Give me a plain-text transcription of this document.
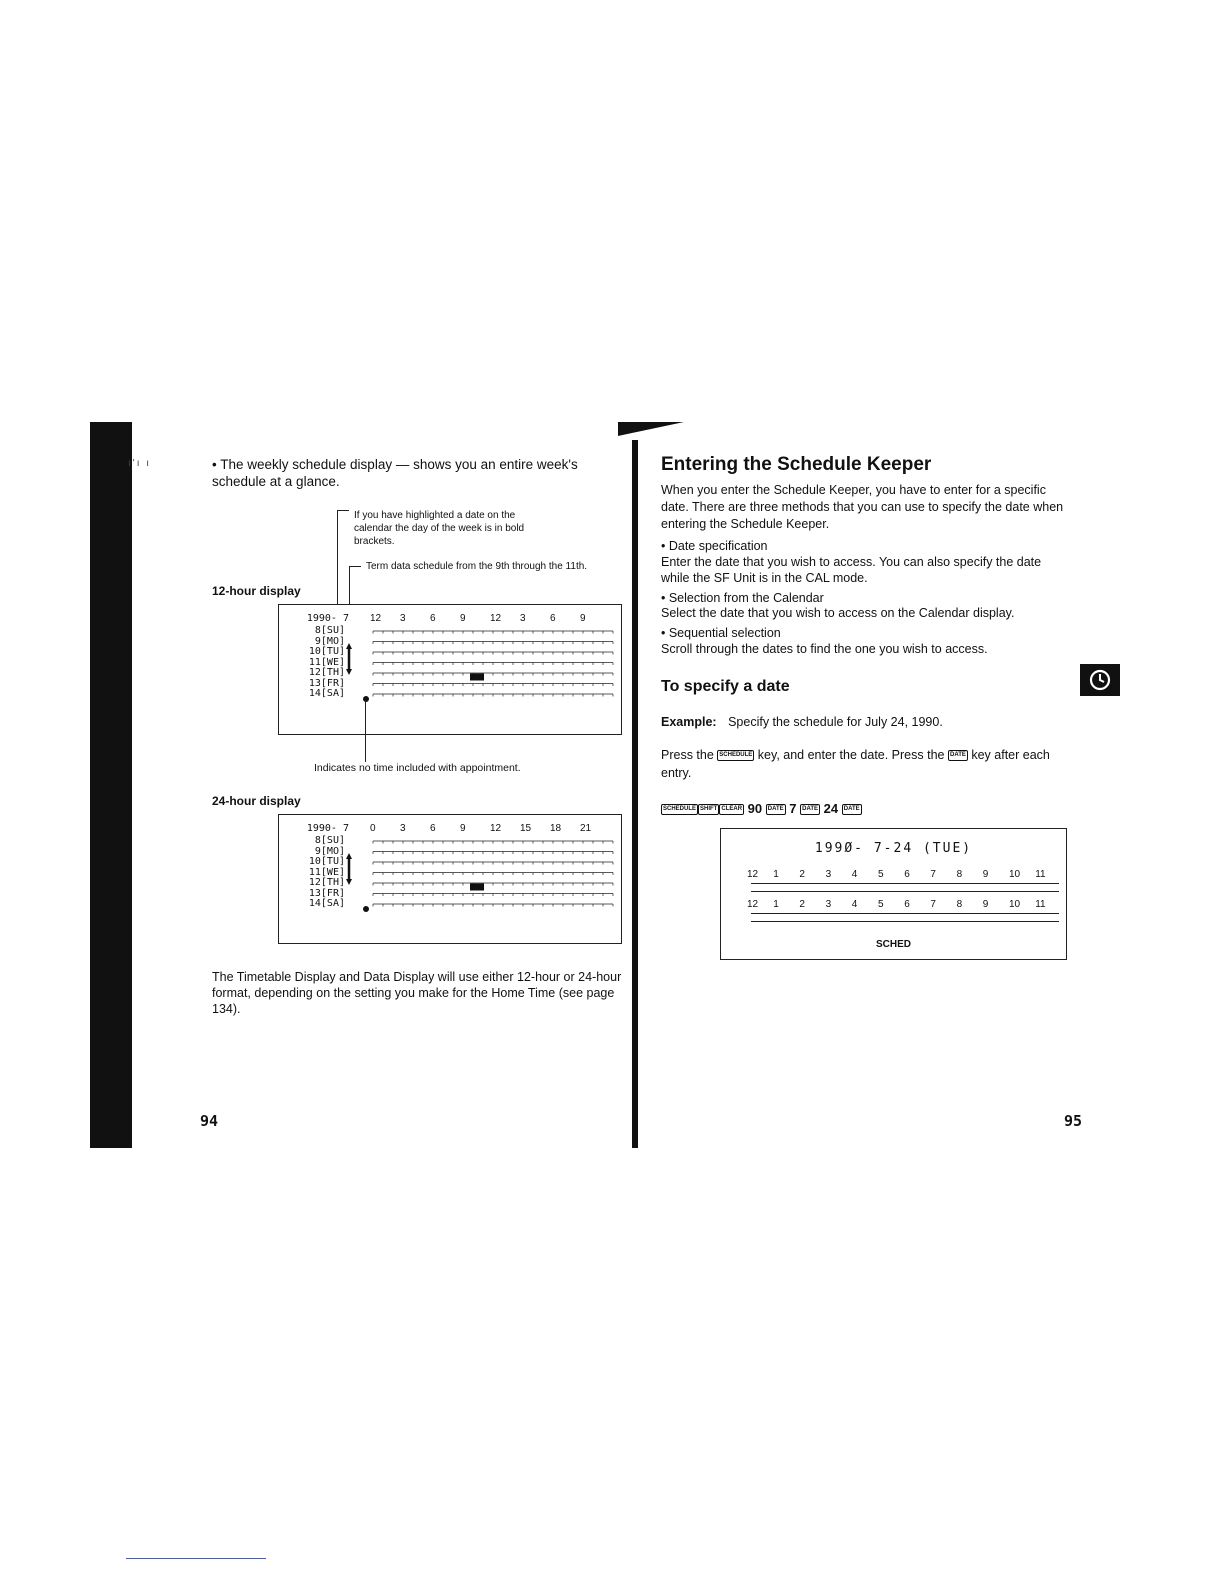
ı'ı ı	• The weekly schedule display — shows you an entire week's schedule at a glance.
If you have highlighted a date on the calendar the day of the week is in bold brackets.
Term data schedule from the 9th through the 11th.
12-hour display
1990- 7
8[SU]
9[MO]
10[TU]
11[WE]
12[TH]
13[FR]
14[SA]
12 3 6 9 12 3 6 9
Indicates no time included with appointment.
24-hour display
1990- 7
8[SU]
9[MO]
10[TU]
11[WE]
12[TH]
13[FR]
14[SA]
0 3 6 9 12 15 18 21
The Timetable Display and Data Display will use either 12-hour or 24-hour format, depending on the setting you make for the Home Time (see page 134).
94
Entering the Schedule Keeper
When you enter the Schedule Keeper, you have to enter for a specific date. There are three methods that you can use to specify the date when entering the Schedule Keeper.
• Date specification
Enter the date that you wish to access. You can also specify the date while the SF Unit is in the CAL mode.
• Selection from the Calendar
Select the date that you wish to access on the Calendar display.
• Sequential selection
Scroll through the dates to find the one you wish to access.
To specify a date
Example: Specify the schedule for July 24, 1990.
Press the SCHEDULE key, and enter the date. Press the DATE key after each entry.
SCHEDULE SHIFT CLEAR 90 DATE 7 DATE 24 DATE
199Ø- 7-24 (TUE)
SCHED
12 1 2 3 4 5 6 7 8 9 10 11
12 1 2 3 4 5 6 7 8 9 10 11
95
